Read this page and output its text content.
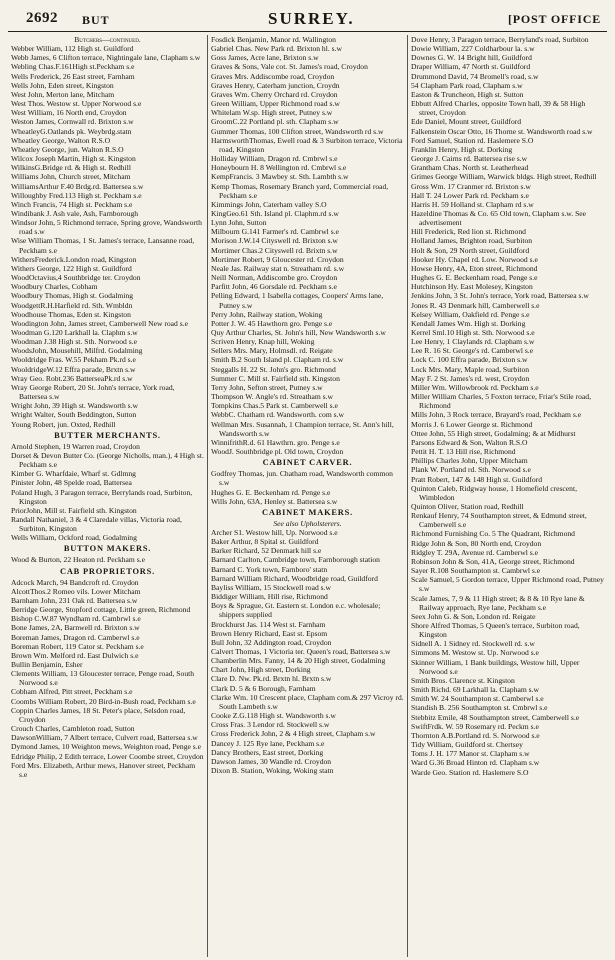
2692 BUT	SURREY.	[POST OFFICE
Butchers—continued.
Webber William, 112 High st. Guildford
Webb James, 6 Clifton terrace, Nightingale lane, Clapham s.w
Webling Chas.F.161High st.Peckham s.e
Wells Frederick, 26 East street, Farnham
Wells John, Eden street, Kingston
West John, Merton lane, Mitcham
West Thos. Westow st. Upper Norwood s.e
West William, 16 North end, Croydon
Weston James, Cornwall rd. Brixton s.w
WheatleyG.Oatlands pk. Weybrdg.statn
Wheatley George, Walton R.S.O
Wheatley George, jun. Walton R.S.O
Wilcox Joseph Martin, High st. Kingston
WilkinsG.Bridge rd. & High st. Redhill
Williams John, Church street, Mitcham
WilliamsArthur F.40 Brdg.rd. Battersea s.w
Willoughby Fred.113 High st. Peckham s.e
Winch Francis, 74 High st. Peckham s.e
Windibank J. Ash vale, Ash, Farnborough
Windsor John, 5 Richmond terrace, Spring grove, Wandsworth road s.w
Wise William Thomas, 1 St. James's terrace, Lansanne road, Peckham s.e
WithersFrederick.London road, Kingston
Withers George, 122 High st. Guildford
WoodOctavius,4 Southbridge ter. Croydon
Woodbury Charles, Cobham
Woodbury Thomas, High st. Godalming
WoodgettR.H.Harfield rd. Sth. Wmbldn
Woodhouse Thomas, Eden st. Kingston
Woodington John, James street, Camberwell New road s.e
Woodman G.120 Larkhall la. Claphm s.w
Woodman J.38 High st. Sth. Norwood s.e
WoodsJohn, Mousehill, Milfrd. Godalming
Wooldridge Fras. W.55 Pekham Pk.rd s.e
WooldridgeW.12 Effra parade, Brxtn s.w
Wray Geo. Robt.236 BatterseaPk.rd s.w
Wray George Robert, 20 St. John's terrace, York road, Battersea s.w
Wright John, 39 High st. Wandsworth s.w
Wright Walter, South Beddington, Sutton
Young Robert, jun. Oxted, Redhill
BUTTER MERCHANTS.
Arnold Stephen, 19 Warren road, Croydon
Dorset & Devon Butter Co. (George Nicholls, man.), 4 High st. Peckham s.e
Kimber G. Wharfdaie, Wharf st. Gdlmng
Pinister John, 48 Spelde road, Battersea
Poland Hugh, 3 Paragon terrace, Berrylands road, Surbiton, Kingston
PriorJohn, Mill st. Fairfield sth. Kingston
Randall Nathaniel, 3 & 4 Claredale villas, Victoria road, Surbiton, Kingston
Wells William, Ockford road, Godalming
BUTTON MAKERS.
Wood & Burton, 22 Heaton rd. Peckham s.e
CAB PROPRIETORS.
Adcock March, 94 Bandcroft rd. Croydon
AlcottThos.2 Romeo vils. Lower Mitcham
Barnham John, 231 Oak rd. Battersea s.w
Berridge George, Stopford cottage, Little green, Richmond
Bishop C.W.87 Wyndham rd. Cambrwl s.e
Bone James, 2A, Barnwell rd. Brixton s.w
Boreman James, Dragon rd. Camberwl s.e
Boreman Robert, 119 Cator st. Peckham s.e
Brown Wm. Melford rd. East Dulwich s.e
Bullin Benjamin, Esher
Clements William, 13 Gloucester terrace, Penge road, South Norwood s.e
Cobham Alfred, Pitt street, Peckham s.e
Coombs William Robert, 20 Bird-in-Bush road, Peckham s.e
Coppin Charles James, 18 St. Peter's place, Selsdon road, Croydon
Crouch Charles, Cambleton road, Sutton
DawsonWilliam, 7 Albert terrace, Culvert road, Battersea s.w
Dymond James, 10 Weighton mews, Weighton road, Penge s.e
Edridge Philip, 2 Edith terrace, Lower Coombe street, Croydon
Ford Mrs. Elizabeth, Arthur mews, Hanover street, Peckham s.e
Fosdick Benjamin, Manor rd. Wallington
Gabriel Chas. New Park rd. Brixton hl. s.w
Goss James, Acre lane, Brixton s.w
Graves & Sons, Vale cot. St. James's road, Croydon
Graves Mrs. Addiscombe road, Croydon
Graves Henry, Caterham junction, Croydn
Graves Wm. Cherry Orchard rd. Croydon
Green William, Upper Richmond road s.w
Whitelam W.sp. High street, Putney s.w
GroomC.22 Portland pl. sth. Clapham s.w
Gummer Thomas, 100 Clifton street, Wandsworth rd s.w
HarmsworthThomas, Ewell road & 3 Surbiton terrace, Victoria road, Kingston
Holliday William, Dragon rd. Cmbrwl s.e
Honeybourn H. 8 Wellington rd. Cmbrwl s.e
KempFrancis. 3 Mawbey st. Sth. Lambth s.w
Kemp Thomas, Rosemary Branch yard, Commercial road, Peckham s.e
Kimmings John, Caterham valley S.O
KingGeo.61 Sth. Island pl. Claphm.rd s.w
Lynn John, Sutton
Milbourn G.141 Farmer's rd. Cambrwl s.e
Morison J.W.14 Cityswell rd. Brixton s.w
Mortimer Chas.2 Cityswell rd. Brixtn s.w
Mortimer Robert, 9 Gloucester rd. Croydon
Neale Jas. Railway stat n. Streatham rd. s.w
Neill Norman, Addiscombe gro. Croydon
Parfitt John, 46 Gorsdale rd. Peckham s.e
Pelling Edward, 1 Isabella cottages, Coopers' Arms lane, Putney s.w
Perry John, Railway station, Woking
Potter J. W. 45 Hawthorn gro. Penge s.e
Quy Arthur Charles, St. John's hill, New Wandsworth s.w
Scriven Henry, Knap hill, Woking
Sellers Mrs. Mary, Holmsdl. rd. Reigate
Smith B.2 South Island pl. Clapham rd. s.w
Steggalls H. 22 St. John's gro. Richmond
Summer C. Mill st. Fairfield sth. Kingston
Terry John, Sefton street, Putney s.w
Thompson W. Angle's rd. Streatham s.w
Tompkins Chas.5 Park st. Camberwell s.e
WebbC. Chatham rd. Wandsworth. com s.w
Wellman Mrs. Susannah, 1 Champion terrace, St. Ann's hill, Wandsworth s.w
WinnifrithR.d. 61 Hawthrn. gro. Penge s.e
WoodJ. Southbridge pl. Old town, Croydon
CABINET CARVER.
Godfrey Thomas, jun. Chatham road, Wandsworth common s.w
Hughes G. E. Beckenham rd. Penge s.e
Wills John, 63A, Henley st. Battersea s.w
CABINET MAKERS.
See also Upholsterers.
Archer S1. Westow hill, Up. Norwood s.e
Baker Arthur, 8 Spital st. Guildford
Barker Richard, 52 Denmark hill s.e
Barnard Carlton, Cambridge town, Farnborough station
Barnard C. York town, Farnboro' statn
Barnard William Richard, Woodbridge road, Guildford
Bayliss William, 15 Stockwell road s.w
Biddiger William, Hill rise, Richmond
Boys & Sprague, Gt. Eastern st. London e.c. wholesale; shippers supplied
Brockhurst Jas. 114 West st. Farnham
Brown Henry Richard, East st. Epsom
Bull John, 32 Addington road, Croydon
Calvert Thomas, 1 Victoria ter. Queen's road, Battersea s.w
Chamberlin Mrs. Fanny, 14 & 20 High street, Godalming
Chart John, High street, Dorking
Clare D. Nw. Pk.rd. Brxtn hl. Brxtn s.w
Clark D. 5 & 6 Borough, Farnham
Clarke Wm. 10 Crescent place, Clapham com.& 297 Vicroy rd. South Lambeth s.w
Cooke Z.G.118 High st. Wandsworth s.w
Cross Fras. 3 Lendor rd. Stockwell s.w
Cross Frederick John, 2 & 4 High street, Clapham s.w
Dancey J. 125 Rye lane, Peckham s.e
Dancy Brothers, East street, Dorking
Dawson James, 30 Wandle rd. Croydon
Dixon B. Station, Woking, Woking statn
Dove Henry, 3 Paragon terrace, Berryland's road, Surbiton
Dowie William, 227 Coldharbour la. s.w
Downes G. W. 14 Bright hill, Guildford
Draper William, 47 North st. Guildford
Drummond David, 74 Bromell's road, s.w
54 Clapham Park road, Clapham s.w
Easton & Truncheon, High st. Sutton
Ebbutt Alfred Charles, opposite Town hall, 39 & 58 High street, Croydon
Ede Daniel, Mount street, Guildford
Falkenstein Oscar Otto, 16 Thorne st. Wandsworth road s.w
Ford Samuel, Station rd. Haslemere S.O
Franklin Henry, High st. Dorking
George J. Cairns rd. Battersea rise s.w
Grantham Chas. North st. Leatherhead
Grimes George William, Warwick bldgs. High street, Redhill
Gross Wm. 17 Cranmer rd. Brixton s.w
Hall T. 24 Lower Park rd. Peckham s.e
Harris H. 59 Holland st. Clapham rd s.w
Hazeldine Thomas & Co. 65 Old town, Clapham s.w. See advertisement
Hill Frederick, Red lion st. Richmond
Holland James, Brighton road, Surbiton
Holt & Son, 29 North street, Guildford
Hooker Hy. Chapel rd. Low. Norwood s.e
Howse Henry, 4A, Eton street, Richmond
Hughes G. E. Beckenham road, Penge s.e
Hutchinson Hy. East Molesey, Kingston
Jenkins John, 3 St. John's terrace, York road, Battersea s.w
Jones R. 43 Denmark hill, Camberwell s.e
Kelsey William, Oakfield rd. Penge s.e
Kendall James Wm. High st. Dorking
Kerrel Sml.10 High st. Sth. Norwood s.e
Lee Henry, 1 Claylands rd. Clapham s.w
Lee R. 16 St. George's rd. Camberwl s.e
Lock C. 100 Effra parade, Brixton s.w
Lock Mrs. Mary, Maple road, Surbiton
May F. 2 St. James's rd. west, Croydon
Miller Wm. Willowbrook rd. Peckham s.e
Miller William Charles, 5 Foxton terrace, Friar's Stile road, Richmond
Mills John, 3 Rock terrace, Brayard's road, Peckham s.e
Morris J. 6 Lower George st. Richmond
Ottee John, 55 High street, Godalming; & at Midhurst
Parsons Edward & Son, Walton R.S.O
Pettit H. T. 13 Hill rise, Richmond
Phillips Charles John, Upper Mitcham
Plank W. Portland rd. Sth. Norwood s.e
Pratt Robert, 147 & 148 High st. Guildford
Quinton Caleb, Ridgway house, 1 Homefield crescent, Wimbledon
Quinton Oliver, Station road, Redhill
Renkauf Henry, 74 Southampton street, & Edmund street, Camberwell s.e
Richmond Furnishing Co. 5 The Quadrant, Richmond
Ridge John & Son, 80 North end, Croydon
Ridgley T. 29A, Avenue rd. Camberwl s.e
Robinson John & Son, 41A, George street, Richmond
Sayer R.108 Southampton st. Cambrwl s.e
Scale Samuel, 5 Gordon terrace, Upper Richmond road, Putney s.w
Scale James, 7, 9 & 11 High street; & 8 & 10 Rye lane & Railway approach, Rye lane, Peckham s.e
Seex John G. & Son, London rd. Reigate
Shore Alfred Thomas, 5 Queen's terrace, Surbiton road, Kingston
Sidnell A. 1 Sidney rd. Stockwell rd. s.w
Simmons M. Westow st. Up. Norwood s.e
Skinner William, 1 Bank buildings, Westow hill, Upper Norwood s.e
Smith Bros. Clarence st. Kingston
Smith Richd. 69 Larkhall la. Clapham s.w
Smith W. 24 Southampton st. Camberwl s.e
Standish B. 256 Southampton st. Cmbrwl s.e
Stebbitz Emile, 48 Southampton street, Camberwell s.e
SwiftFrdk. W. 59 Rosemary rd. Peckm s.e
Thornton A.B.Portland rd. S. Norwood s.e
Tidy William, Guildford st. Chertsey
Toms J. H. 177 Manor st. Clapham s.w
Ward G.36 Broad Hinton rd. Clapham s.w
Warde Geo. Station rd. Haslemere S.O
